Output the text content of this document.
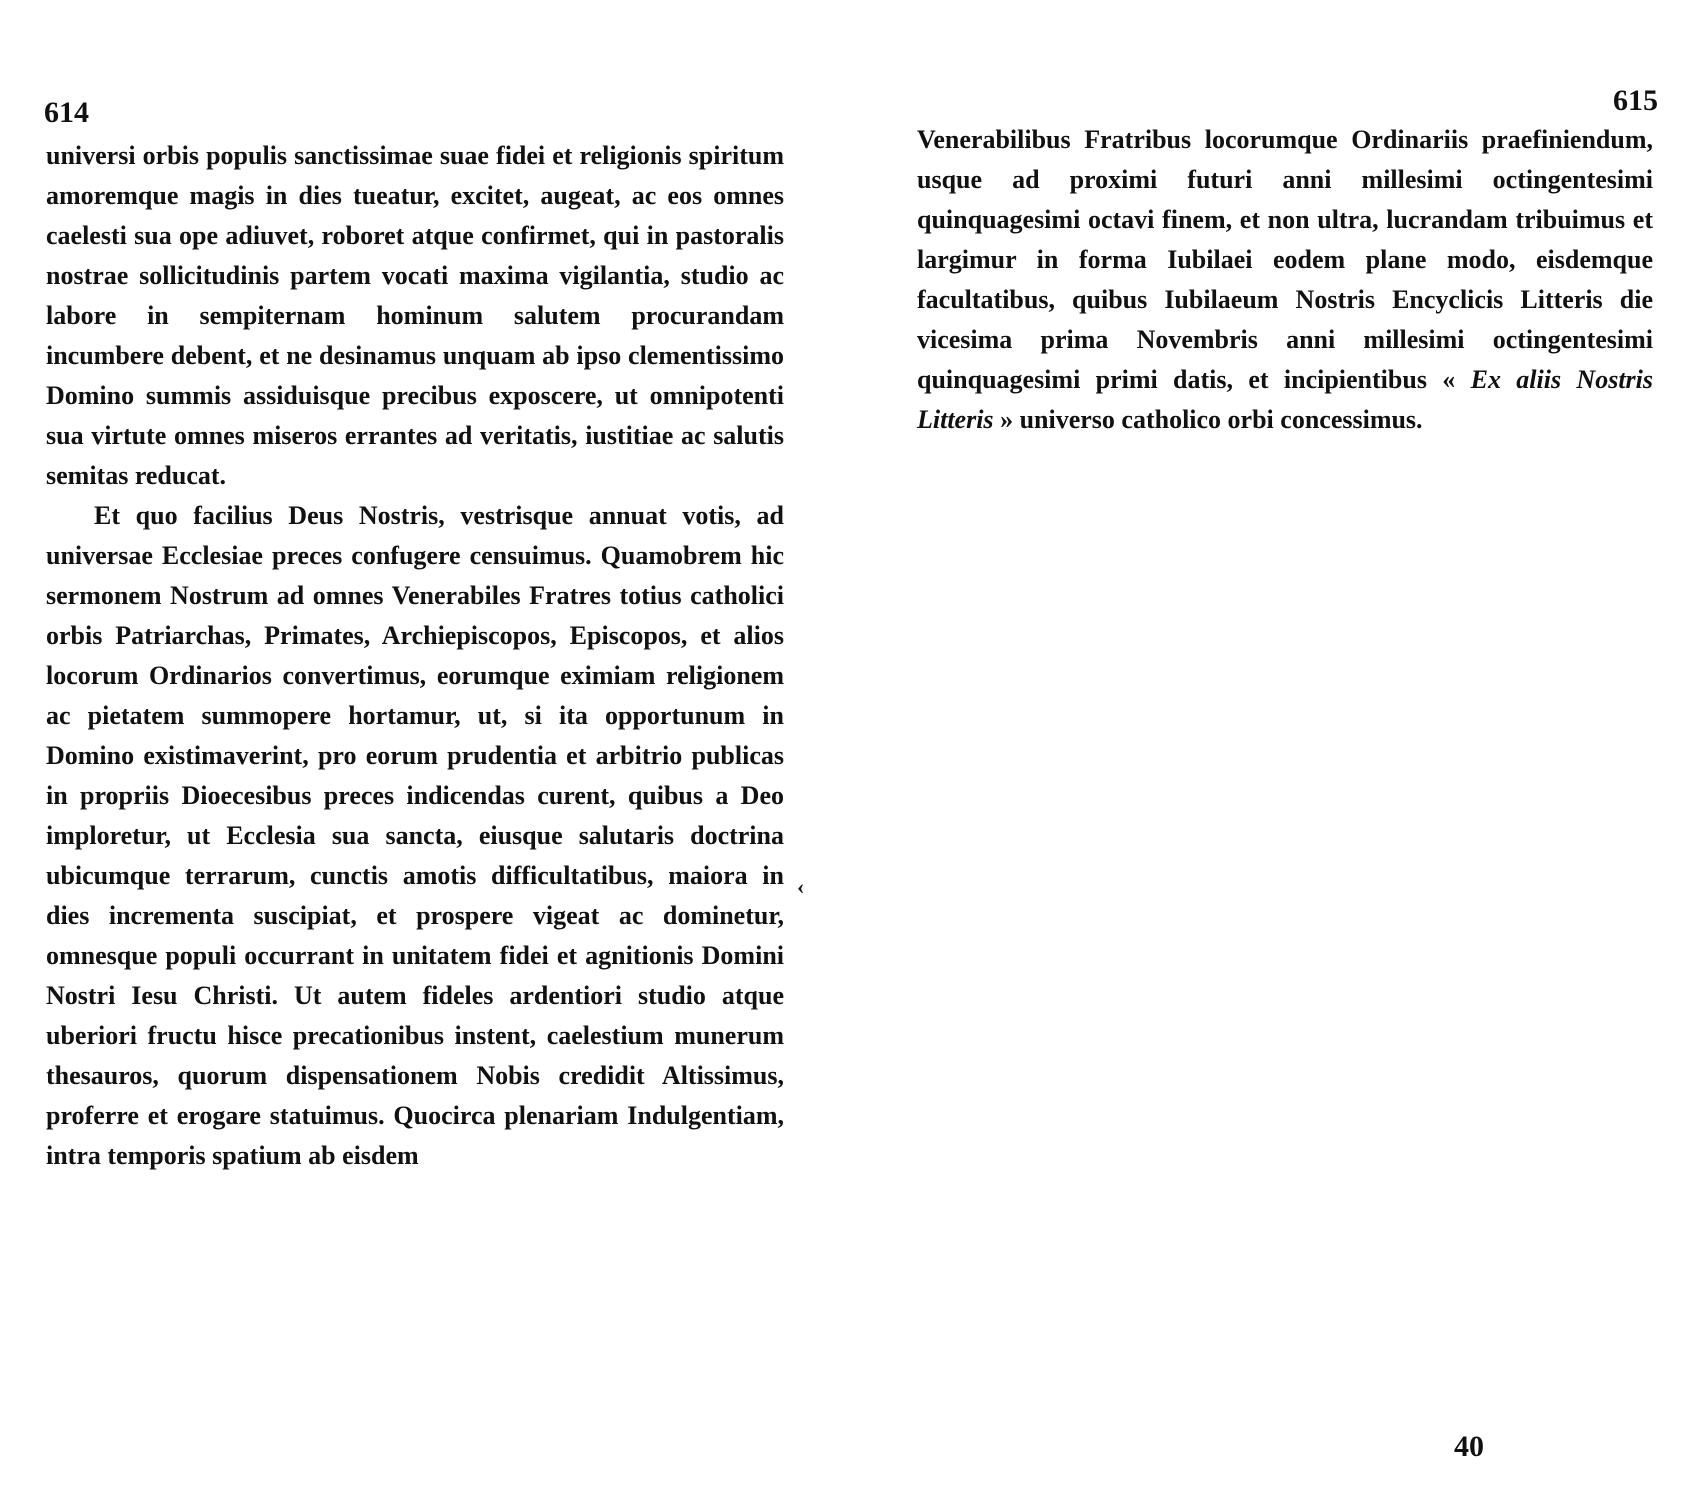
614

universi orbis populis sanctissimae suae fidei et religionis spiritum amoremque magis in dies tueatur, excitet, augeat, ac eos omnes caelesti sua ope adiuvet, roboret atque confirmet, qui in pastoralis nostrae sollicitudinis partem vocati maxima vigilantia, studio ac labore in sempiternam hominum salutem procurandam incumbere debent, et ne desinamus unquam ab ipso clementissimo Domino summis assiduisque precibus exposcere, ut omnipotenti sua virtute omnes miseros errantes ad veritatis, iustitiae ac salutis semitas reducat.

Et quo facilius Deus Nostris, vestrisque annuat votis, ad universae Ecclesiae preces confugere censuimus. Quamobrem hic sermonem Nostrum ad omnes Venerabiles Fratres totius catholici orbis Patriarchas, Primates, Archiepiscopos, Episcopos, et alios locorum Ordinarios convertimus, eorumque eximiam religionem ac pietatem summopere hortamur, ut, si ita opportunum in Domino existimaverint, pro eorum prudentia et arbitrio publicas in propriis Dioecesibus preces indicendas curent, quibus a Deo imploretur, ut Ecclesia sua sancta, eiusque salutaris doctrina ubicumque terrarum, cunctis amotis difficultatibus, maiora in dies incrementa suscipiat, et prospere vigeat ac dominetur, omnesque populi occurrant in unitatem fidei et agnitionis Domini Nostri Iesu Christi. Ut autem fideles ardentiori studio atque uberiori fructu hisce precationibus instent, caelestium munerum thesauros, quorum dispensationem Nobis credidit Altissimus, proferre et erogare statuimus. Quocirca plenariam Indulgentiam, intra temporis spatium ab eisdem

‹
615

Venerabilibus Fratribus locorumque Ordinariis praefiniendum, usque ad proximi futuri anni millesimi octingentesimi quinquagesimi octavi finem, et non ultra, lucrandam tribuimus et largimur in forma Iubilaei eodem plane modo, eisdemque facultatibus, quibus Iubilaeum Nostris Encyclicis Litteris die vicesima prima Novembris anni millesimi octingentesimi quinquagesimi primi datis, et incipientibus « Ex aliis Nostris Litteris » universo catholico orbi concessimus.

40
